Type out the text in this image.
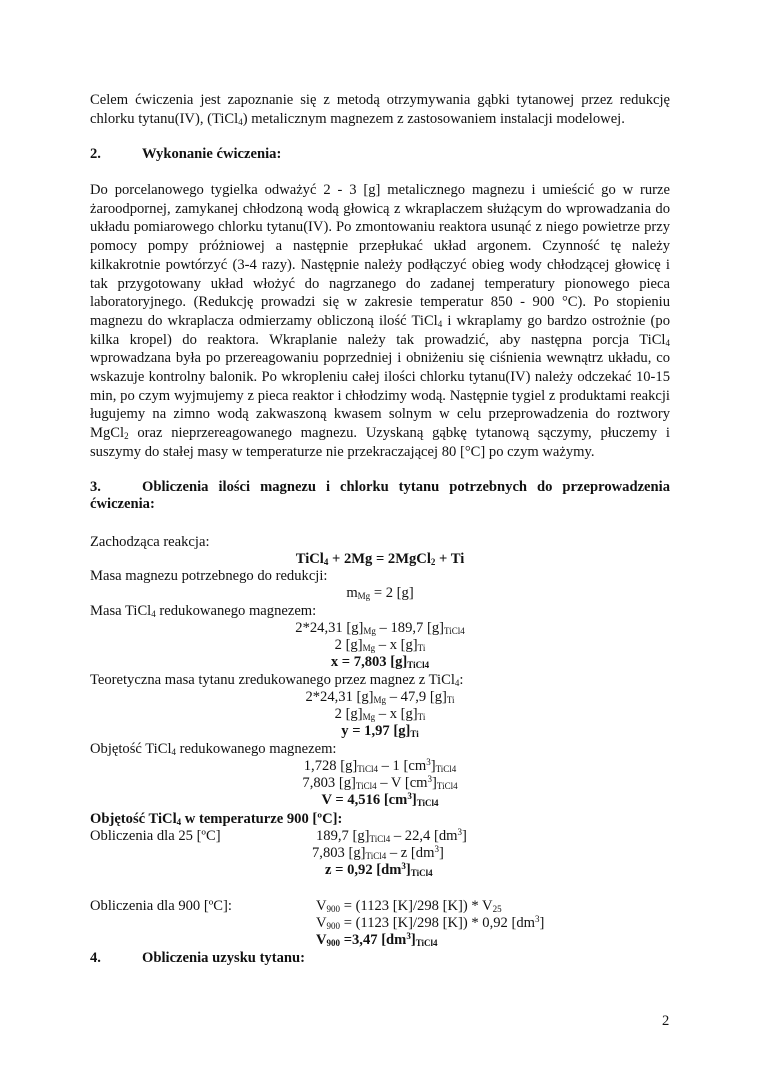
Celem ćwiczenia jest zapoznanie się z metodą otrzymywania gąbki tytanowej przez redukcję chlorku tytanu(IV), (TiCl$_4$) metalicznym magnezem z zastosowaniem instalacji modelowej.

2.	Wykonanie ćwiczenia:

Do porcelanowego tygielka odważyć 2 - 3 [g] metalicznego magnezu i umieścić go w rurze żaroodpornej, zamykanej chłodzoną wodą głowicą z wkraplaczem służącym do wprowadzania do układu pomiarowego chlorku tytanu(IV). Po zmontowaniu reaktora usunąć z niego powietrze przy pomocy pompy próżniowej a następnie przepłukać układ argonem. Czynność tę należy kilkakrotnie powtórzyć (3-4 razy). Następnie należy podłączyć obieg wody chłodzącej głowicę i tak przygotowany układ włożyć do nagrzanego do zadanej temperatury pionowego pieca laboratoryjnego. (Redukcję prowadzi się w zakresie temperatur 850 - 900 °C). Po stopieniu magnezu do wkraplacza odmierzamy obliczoną ilość TiCl$_4$ i wkraplamy go bardzo ostrożnie (po kilka kropel) do reaktora. Wkraplanie należy tak prowadzić, aby następna porcja TiCl$_4$ wprowadzana była po przereagowaniu poprzedniej i obniżeniu się ciśnienia wewnątrz układu, co wskazuje kontrolny balonik. Po wkropleniu całej ilości chlorku tytanu(IV) należy odczekać 10-15 min, po czym wyjmujemy z pieca reaktor i chłodzimy wodą. Następnie tygiel z produktami reakcji ługujemy na zimno wodą zakwaszoną kwasem solnym w celu przeprowadzenia do roztwory MgCl$_2$ oraz nieprzereagowanego magnezu. Uzyskaną gąbkę tytanową sączymy, płuczemy i suszymy do stałej masy w temperaturze nie przekraczającej 80 [°C] po czym ważymy.

3.	Obliczenia ilości magnezu i chlorku tytanu potrzebnych do przeprowadzenia ćwiczenia:
Zachodząca reakcja:
TiCl$_4$ + 2Mg = 2MgCl$_2$ + Ti
Masa magnezu potrzebnego do redukcji:
$m_{Mg} = 2$ [g]
Masa TiCl$_4$ redukowanego magnezem:
2*24,31 $[g]_{Mg} - 189,7$ $[g]_{TiCl4}$
2 $[g]_{Mg}$ – x $[g]_{Ti}$
x = 7,803 $[g]_{TiCl4}$
Teoretyczna masa tytanu zredukowanego przez magnez z TiCl$_4$:
2*24,31 $[g]_{Mg} - 47,9$ $[g]_{Ti}$
2 $[g]_{Mg}$ – x $[g]_{Ti}$
y = 1,97 $[g]_{Ti}$
Objętość TiCl$_4$ redukowanego magnezem:
1,728 $[g]_{TiCl4} - 1$ $[cm^3]_{TiCl4}$
7,803 $[g]_{TiCl4}$ – V $[cm^3]_{TiCl4}$
V = 4,516 $[cm^3]_{TiCl4}$
Objętość TiCl$_4$ w temperaturze 900 [ºC]:
Obliczenia dla 25 [ºC]	189,7 $[g]_{TiCl4} - 22,4$ $[dm^3]$
7,803 $[g]_{TiCl4}$ – z $[dm^3]$
z = 0,92 $[dm^3]_{TiCl4}$
Obliczenia dla 900 [ºC]:	$V_{900} = (1123$ [K]/298 $[K]) * V_{25}$
$V_{900} = (1123$ [K]/298 [K]) * 0,92 $[dm^3]$
$V_{900} =3,47$ $[dm^3]_{TiCl4}$
4.	Obliczenia uzysku tytanu:
2
